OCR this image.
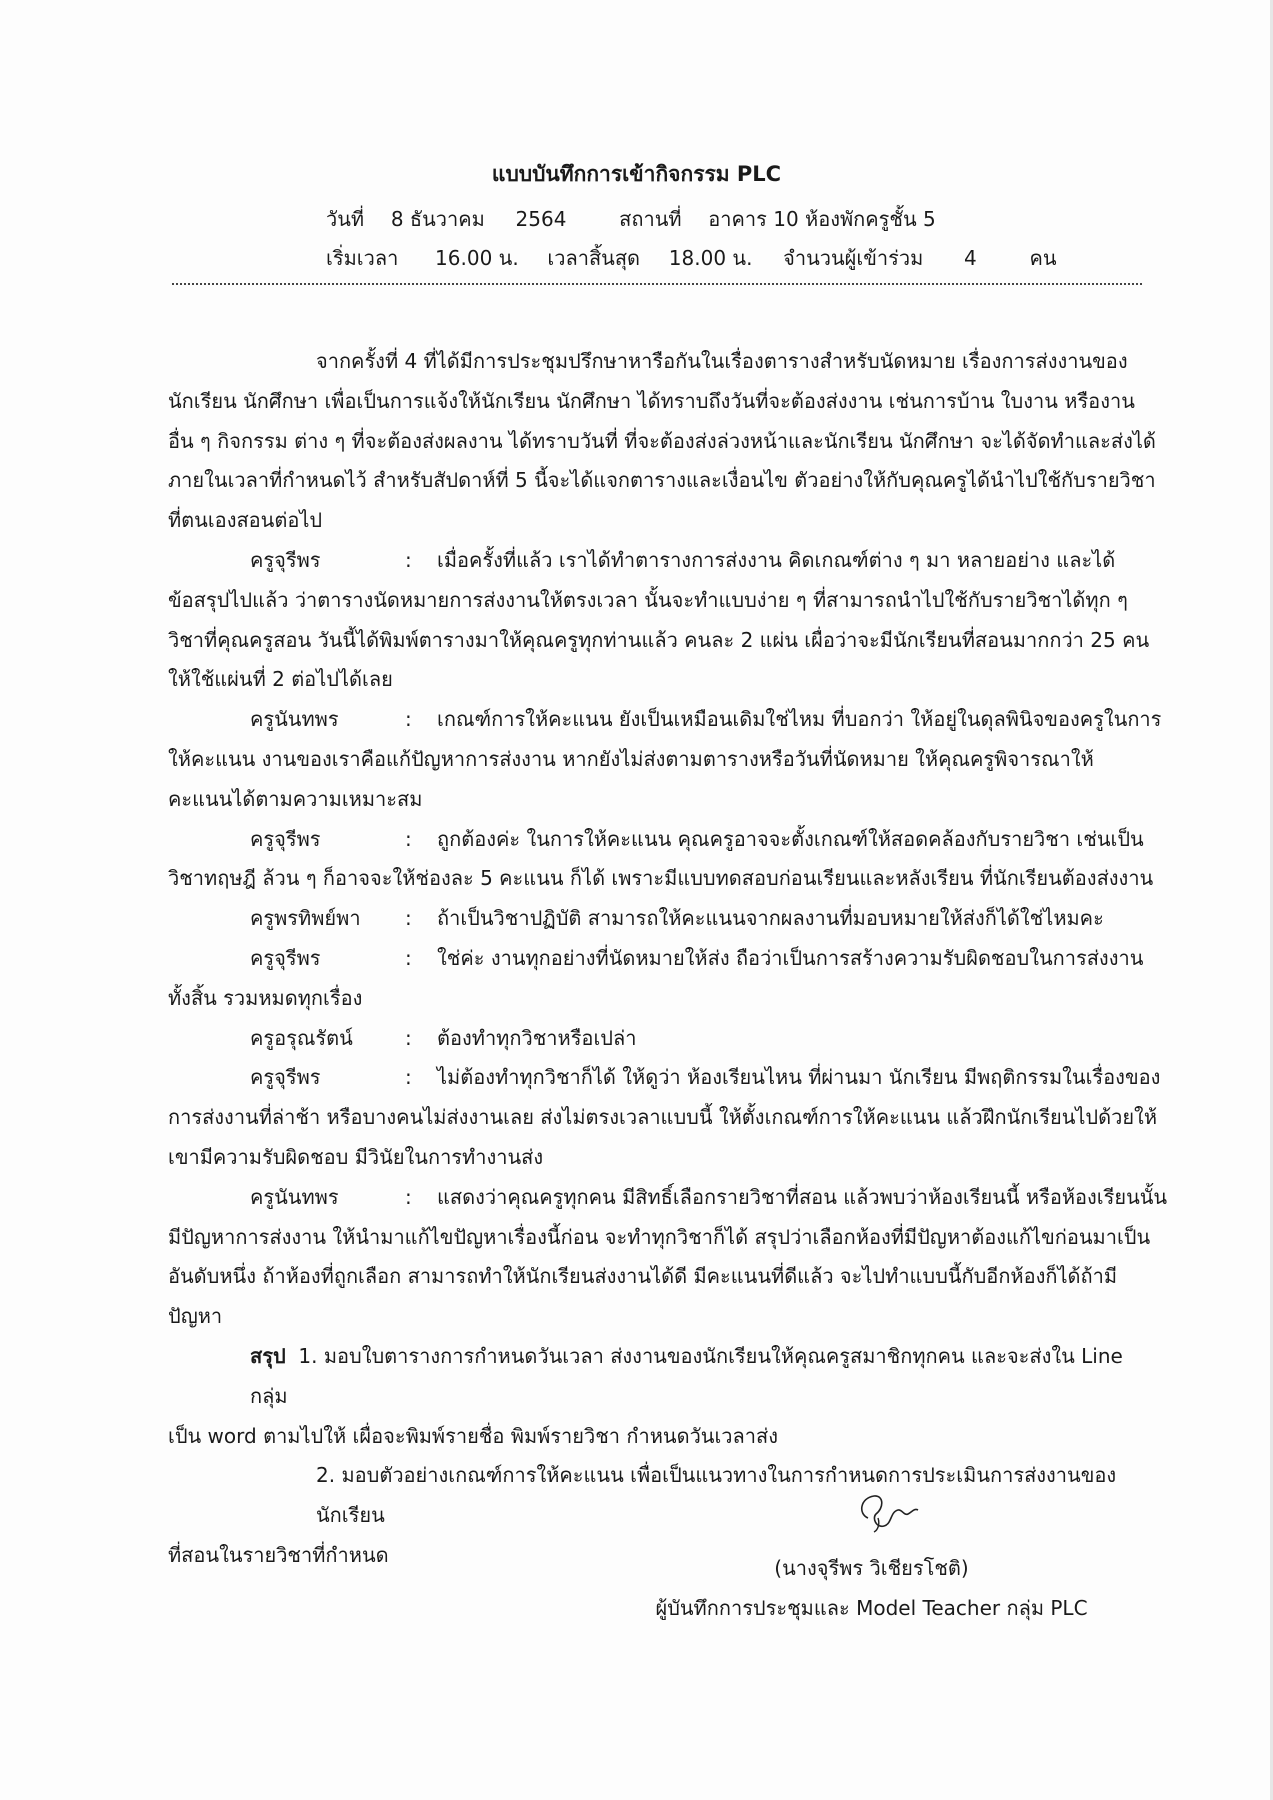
แบบบันทึกการเข้ากิจกรรม PLC
วันที่ 8 ธันวาคม 2564	สถานที่ อาคาร 10 ห้องพักครูชั้น 5
เริ่มเวลา 16.00 น. เวลาสิ้นสุด 18.00 น. จำนวนผู้เข้าร่วม 4	คน

จากครั้งที่ 4 ที่ได้มีการประชุมปรึกษาหารือกันในเรื่องตารางสำหรับนัดหมาย เรื่องการส่งงานของนักเรียน นักศึกษา เพื่อเป็นการแจ้งให้นักเรียน นักศึกษา ได้ทราบถึงวันที่จะต้องส่งงาน เช่นการบ้าน ใบงาน หรืองานอื่น ๆ กิจกรรม ต่าง ๆ ที่จะต้องส่งผลงาน ได้ทราบวันที่ ที่จะต้องส่งล่วงหน้าและนักเรียน นักศึกษา จะได้จัดทำและส่งได้ภายในเวลาที่กำหนดไว้ สำหรับสัปดาห์ที่ 5 นี้จะได้แจกตารางและเงื่อนไข ตัวอย่างให้กับคุณครูได้นำไปใช้กับรายวิชาที่ตนเองสอนต่อไป

ครูจุรีพร	: เมื่อครั้งที่แล้ว เราได้ทำตารางการส่งงาน คิดเกณฑ์ต่าง ๆ มา หลายอย่าง และได้
ข้อสรุปไปแล้ว ว่าตารางนัดหมายการส่งงานให้ตรงเวลา นั้นจะทำแบบง่าย ๆ ที่สามารถนำไปใช้กับรายวิชาได้ทุก ๆ วิชาที่คุณครูสอน วันนี้ได้พิมพ์ตารางมาให้คุณครูทุกท่านแล้ว คนละ 2 แผ่น เผื่อว่าจะมีนักเรียนที่สอนมากกว่า 25 คน ให้ใช้แผ่นที่ 2 ต่อไปได้เลย
ครูนันทพร	: เกณฑ์การให้คะแนน ยังเป็นเหมือนเดิมใช่ไหม ที่บอกว่า ให้อยู่ในดุลพินิจของครูในการ
ให้คะแนน งานของเราคือแก้ปัญหาการส่งงาน หากยังไม่ส่งตามตารางหรือวันที่นัดหมาย ให้คุณครูพิจารณาให้คะแนนได้ตามความเหมาะสม
ครูจุรีพร	: ถูกต้องค่ะ ในการให้คะแนน คุณครูอาจจะตั้งเกณฑ์ให้สอดคล้องกับรายวิชา เช่นเป็น
วิชาทฤษฎี ล้วน ๆ ก็อาจจะให้ช่องละ 5 คะแนน ก็ได้ เพราะมีแบบทดสอบก่อนเรียนและหลังเรียน ที่นักเรียนต้องส่งงาน
ครูพรทิพย์พา : ถ้าเป็นวิชาปฏิบัติ สามารถให้คะแนนจากผลงานที่มอบหมายให้ส่งก็ได้ใช่ไหมคะ
ครูจุรีพร	: ใช่ค่ะ งานทุกอย่างที่นัดหมายให้ส่ง ถือว่าเป็นการสร้างความรับผิดชอบในการส่งงาน
ทั้งสิ้น รวมหมดทุกเรื่อง
ครูอรุณรัตน์	: ต้องทำทุกวิชาหรือเปล่า
ครูจุรีพร	: ไม่ต้องทำทุกวิชาก็ได้ ให้ดูว่า ห้องเรียนไหน ที่ผ่านมา นักเรียน มีพฤติกรรมในเรื่องของ
การส่งงานที่ล่าช้า หรือบางคนไม่ส่งงานเลย ส่งไม่ตรงเวลาแบบนี้ ให้ตั้งเกณฑ์การให้คะแนน แล้วฝึกนักเรียนไปด้วยให้เขามีความรับผิดชอบ มีวินัยในการทำงานส่ง
ครูนันทพร	: แสดงว่าคุณครูทุกคน มีสิทธิ์เลือกรายวิชาที่สอน แล้วพบว่าห้องเรียนนี้ หรือห้องเรียนนั้น
มีปัญหาการส่งงาน ให้นำมาแก้ไขปัญหาเรื่องนี้ก่อน จะทำทุกวิชาก็ได้ สรุปว่าเลือกห้องที่มีปัญหาต้องแก้ไขก่อนมาเป็นอันดับหนึ่ง ถ้าห้องที่ถูกเลือก สามารถทำให้นักเรียนส่งงานได้ดี มีคะแนนที่ดีแล้ว จะไปทำแบบนี้กับอีกห้องก็ได้ถ้ามีปัญหา
สรุป 1. มอบใบตารางการกำหนดวันเวลา ส่งงานของนักเรียนให้คุณครูสมาชิกทุกคน และจะส่งใน Line กลุ่ม
เป็น word ตามไปให้ เผื่อจะพิมพ์รายชื่อ พิมพ์รายวิชา กำหนดวันเวลาส่ง
2. มอบตัวอย่างเกณฑ์การให้คะแนน เพื่อเป็นแนวทางในการกำหนดการประเมินการส่งงานของนักเรียน
ที่สอนในรายวิชาที่กำหนด
(นางจุรีพร วิเชียรโชติ)
ผู้บันทึกการประชุมและ Model Teacher กลุ่ม PLC
